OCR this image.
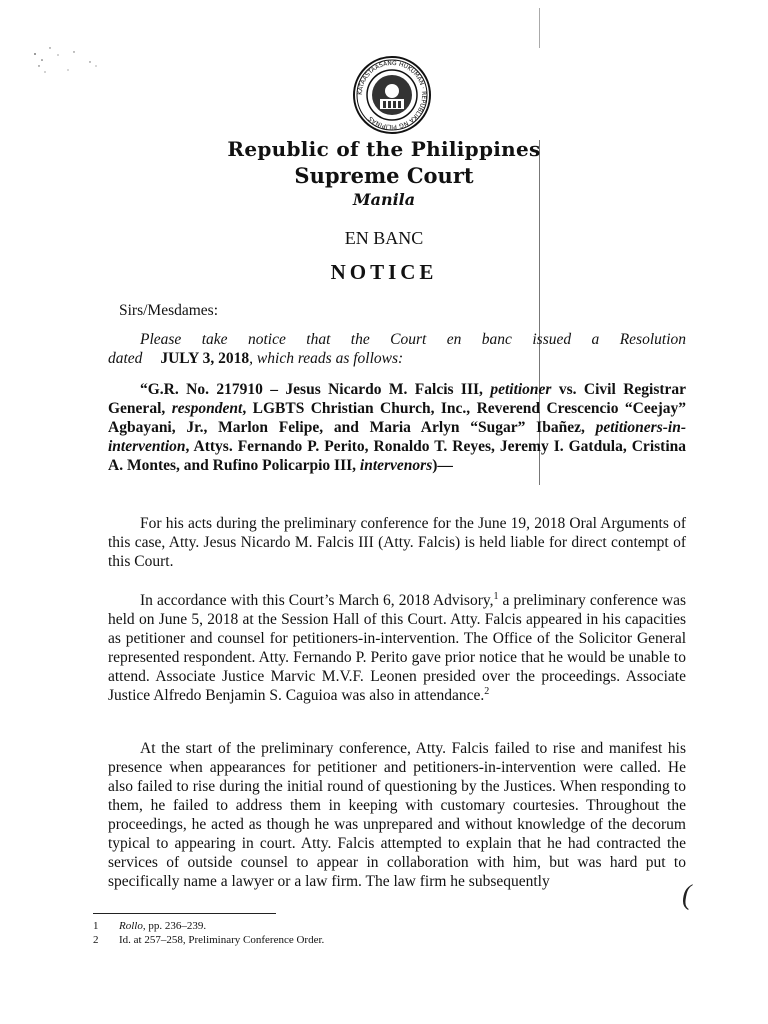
KATAASTAASANG HUKUMAN · REPUBLIKA NG PILIPINAS
Republic of the Philippines
Supreme Court
Manila
EN BANC
NOTICE
Sirs/Mesdames:

Please take notice that the Court en banc issued a Resolution dated JULY 3, 2018, which reads as follows:

“G.R. No. 217910 – Jesus Nicardo M. Falcis III, petitioner vs. Civil Registrar General, respondent, LGBTS Christian Church, Inc., Reverend Crescencio “Ceejay” Agbayani, Jr., Marlon Felipe, and Maria Arlyn “Sugar” Ibañez, petitioners-in-intervention, Attys. Fernando P. Perito, Ronaldo T. Reyes, Jeremy I. Gatdula, Cristina A. Montes, and Rufino Policarpio III, intervenors)—

For his acts during the preliminary conference for the June 19, 2018 Oral Arguments of this case, Atty. Jesus Nicardo M. Falcis III (Atty. Falcis) is held liable for direct contempt of this Court.

In accordance with this Court’s March 6, 2018 Advisory,$^1$ a preliminary conference was held on June 5, 2018 at the Session Hall of this Court. Atty. Falcis appeared in his capacities as petitioner and counsel for petitioners-in-intervention. The Office of the Solicitor General represented respondent. Atty. Fernando P. Perito gave prior notice that he would be unable to attend. Associate Justice Marvic M.V.F. Leonen presided over the proceedings. Associate Justice Alfredo Benjamin S. Caguioa was also in attendance.$^2$

At the start of the preliminary conference, Atty. Falcis failed to rise and manifest his presence when appearances for petitioner and petitioners-in-intervention were called. He also failed to rise during the initial round of questioning by the Justices. When responding to them, he failed to address them in keeping with customary courtesies. Throughout the proceedings, he acted as though he was unprepared and without knowledge of the decorum typical to appearing in court. Atty. Falcis attempted to explain that he had contracted the services of outside counsel to appear in collaboration with him, but was hard put to specifically name a lawyer or a law firm. The law firm he subsequently	(
1 Rollo, pp. 236–239.
2 Id. at 257–258, Preliminary Conference Order.
